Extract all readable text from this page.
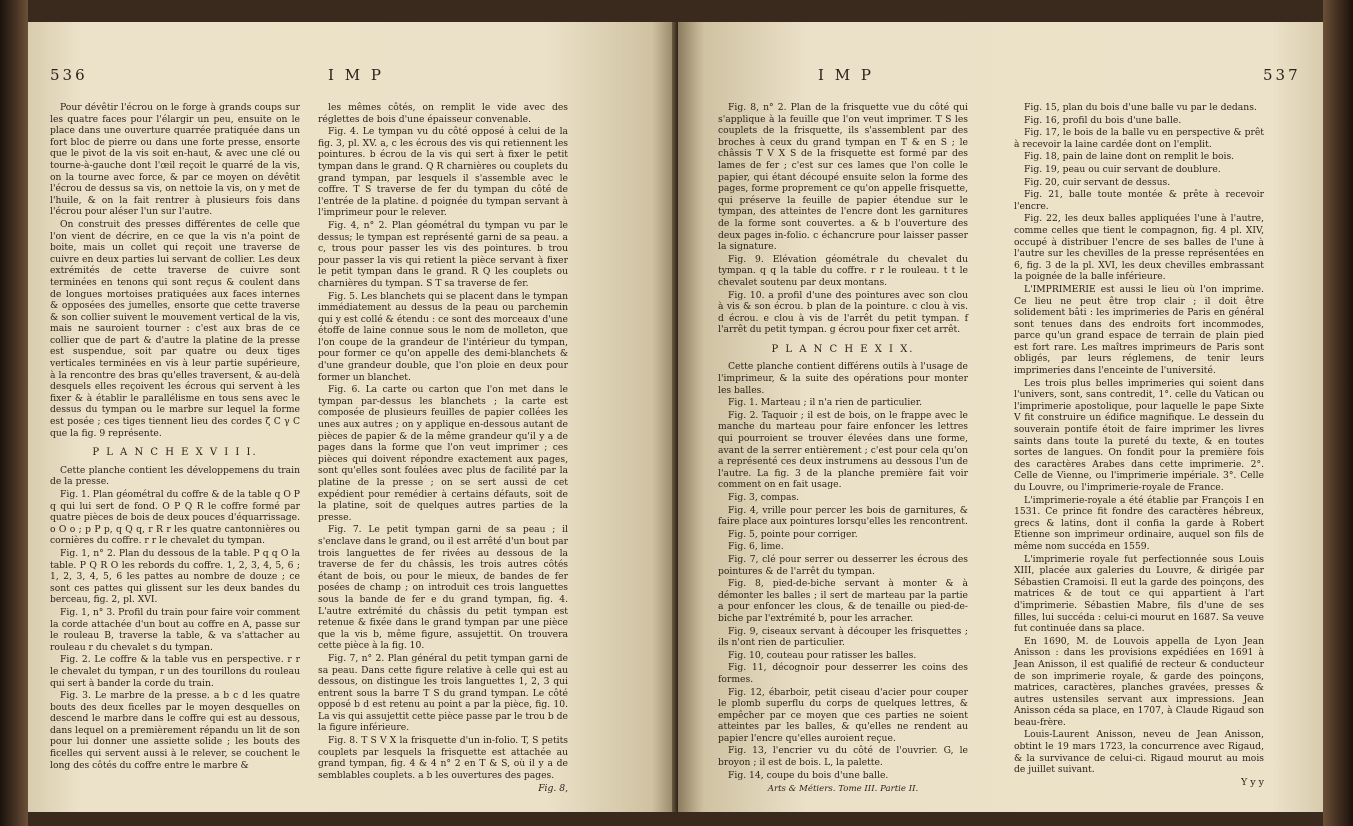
536	I M P

Pour dévêtir l'écrou on le forge à grands coups sur les quatre faces pour l'élargir un peu, ensuite on le place dans une ouverture quarrée pratiquée dans un fort bloc de pierre ou dans une forte presse, ensorte que le pivot de la vis soit en-haut, & avec une clé ou tourne-à-gauche dont l'œil reçoit le quarré de la vis, on la tourne avec force, & par ce moyen on dévêtit l'écrou de dessus sa vis, on nettoie la vis, on y met de l'huile, & on la fait rentrer à plusieurs fois dans l'écrou pour aléser l'un sur l'autre.

On construit des presses différentes de celle que l'on vient de décrire, en ce que la vis n'a point de boite, mais un collet qui reçoit une traverse de cuivre en deux parties lui servant de collier. Les deux extrémités de cette traverse de cuivre sont terminées en tenons qui sont reçus & coulent dans de longues mortoises pratiquées aux faces internes & opposées des jumelles, ensorte que cette traverse & son collier suivent le mouvement vertical de la vis, mais ne sauroient tourner : c'est aux bras de ce collier que de part & d'autre la platine de la presse est suspendue, soit par quatre ou deux tiges verticales terminées en vis à leur partie supérieure, à la rencontre des bras qu'elles traversent, & au-delà desquels elles reçoivent les écrous qui servent à les fixer & à établir le parallélisme en tous sens avec le dessus du tympan ou le marbre sur lequel la forme est posée ; ces tiges tiennent lieu des cordes ζ C γ C que la fig. 9 représente.

P L A N C H E X V I I I.

Cette planche contient les développemens du train de la presse.

Fig. 1. Plan géométral du coffre & de la table q O P q qui lui sert de fond. O P Q R le coffre formé par quatre pièces de bois de deux pouces d'équarrissage. o O o ; p P p, q Q q, r R r les quatre cantonnières ou cornières du coffre. r r le chevalet du tympan.

Fig. 1, n° 2. Plan du dessous de la table. P q q O la table. P Q R O les rebords du coffre. 1, 2, 3, 4, 5, 6 ; 1, 2, 3, 4, 5, 6 les pattes au nombre de douze ; ce sont ces pattes qui glissent sur les deux bandes du berceau, fig. 2, pl. XVI.

Fig. 1, n° 3. Profil du train pour faire voir comment la corde attachée d'un bout au coffre en A, passe sur le rouleau B, traverse la table, & va s'attacher au rouleau r du chevalet s du tympan.

Fig. 2. Le coffre & la table vus en perspective. r r le chevalet du tympan, r un des tourillons du rouleau qui sert à bander la corde du train.

Fig. 3. Le marbre de la presse. a b c d les quatre bouts des deux ficelles par le moyen desquelles on descend le marbre dans le coffre qui est au dessous, dans lequel on a premièrement répandu un lit de son pour lui donner une assiette solide ; les bouts des ficelles qui servent aussi à le relever, se couchent le long des côtés du coffre entre le marbre &

les mêmes côtés, on remplit le vide avec des réglettes de bois d'une épaisseur convenable.

Fig. 4. Le tympan vu du côté opposé à celui de la fig. 3, pl. XV. a, c les écrous des vis qui retiennent les pointures. b écrou de la vis qui sert à fixer le petit tympan dans le grand. Q R charnières ou couplets du grand tympan, par lesquels il s'assemble avec le coffre. T S traverse de fer du tympan du côté de l'entrée de la platine. d poignée du tympan servant à l'imprimeur pour le relever.

Fig. 4, n° 2. Plan géométral du tympan vu par le dessus; le tympan est représenté garni de sa peau. a c, trous pour passer les vis des pointures. b trou pour passer la vis qui retient la pièce servant à fixer le petit tympan dans le grand. R Q les couplets ou charnières du tympan. S T sa traverse de fer.

Fig. 5. Les blanchets qui se placent dans le tympan immédiatement au dessus de la peau ou parchemin qui y est collé & étendu : ce sont des morceaux d'une étoffe de laine connue sous le nom de molleton, que l'on coupe de la grandeur de l'intérieur du tympan, pour former ce qu'on appelle des demi-blanchets & d'une grandeur double, que l'on ploie en deux pour former un blanchet.

Fig. 6. La carte ou carton que l'on met dans le tympan par-dessus les blanchets ; la carte est composée de plusieurs feuilles de papier collées les unes aux autres ; on y applique en-dessous autant de pièces de papier & de la même grandeur qu'il y a de pages dans la forme que l'on veut imprimer ; ces pièces qui doivent répondre exactement aux pages, sont qu'elles sont foulées avec plus de facilité par la platine de la presse ; on se sert aussi de cet expédient pour remédier à certains défauts, soit de la platine, soit de quelques autres parties de la presse.

Fig. 7. Le petit tympan garni de sa peau ; il s'enclave dans le grand, ou il est arrêté d'un bout par trois languettes de fer rivées au dessous de la traverse de fer du châssis, les trois autres côtés étant de bois, ou pour le mieux, de bandes de fer posées de champ ; on introduit ces trois languettes sous la bande de fer e du grand tympan, fig. 4. L'autre extrémité du châssis du petit tympan est retenue & fixée dans le grand tympan par une pièce que la vis b, même figure, assujettit. On trouvera cette pièce à la fig. 10.

Fig. 7, n° 2. Plan général du petit tympan garni de sa peau. Dans cette figure relative à celle qui est au dessous, on distingue les trois languettes 1, 2, 3 qui entrent sous la barre T S du grand tympan. Le côté opposé b d est retenu au point a par la pièce, fig. 10. La vis qui assujettit cette pièce passe par le trou b de la figure inférieure.

Fig. 8. T S V X la frisquette d'un in-folio. T, S petits couplets par lesquels la frisquette est attachée au grand tympan, fig. 4 & 4 n° 2 en T & S, où il y a de semblables couplets. a b les ouvertures des pages.

Fig. 8,

I M P	537

Fig. 8, n° 2. Plan de la frisquette vue du côté qui s'applique à la feuille que l'on veut imprimer. T S les couplets de la frisquette, ils s'assemblent par des broches à ceux du grand tympan en T & en S ; le châssis T V X S de la frisquette est formé par des lames de fer ; c'est sur ces lames que l'on colle le papier, qui étant découpé ensuite selon la forme des pages, forme proprement ce qu'on appelle frisquette, qui préserve la feuille de papier étendue sur le tympan, des atteintes de l'encre dont les garnitures de la forme sont couvertes. a & b l'ouverture des deux pages in-folio. c échancrure pour laisser passer la signature.

Fig. 9. Elévation géométrale du chevalet du tympan. q q la table du coffre. r r le rouleau. t t le chevalet soutenu par deux montans.

Fig. 10. a profil d'une des pointures avec son clou à vis & son écrou. b plan de la pointure. c clou à vis. d écrou. e clou à vis de l'arrêt du petit tympan. f l'arrêt du petit tympan. g écrou pour fixer cet arrêt.

P L A N C H E X I X.

Cette planche contient différens outils à l'usage de l'imprimeur, & la suite des opérations pour monter les balles.

Fig. 1. Marteau ; il n'a rien de particulier.

Fig. 2. Taquoir ; il est de bois, on le frappe avec le manche du marteau pour faire enfoncer les lettres qui pourroient se trouver élevées dans une forme, avant de la serrer entièrement ; c'est pour cela qu'on a représenté ces deux instrumens au dessous l'un de l'autre. La fig. 3 de la planche première fait voir comment on en fait usage.

Fig. 3, compas.

Fig. 4, vrille pour percer les bois de garnitures, & faire place aux pointures lorsqu'elles les rencontrent.

Fig. 5, pointe pour corriger.

Fig. 6, lime.

Fig. 7, clé pour serrer ou desserrer les écrous des pointures & de l'arrêt du tympan.

Fig. 8, pied-de-biche servant à monter & à démonter les balles ; il sert de marteau par la partie a pour enfoncer les clous, & de tenaille ou pied-de-biche par l'extrémité b, pour les arracher.

Fig. 9, ciseaux servant à découper les frisquettes ; ils n'ont rien de particulier.

Fig. 10, couteau pour ratisser les balles.

Fig. 11, décognoir pour desserrer les coins des formes.

Fig. 12, ébarboir, petit ciseau d'acier pour couper le plomb superflu du corps de quelques lettres, & empêcher par ce moyen que ces parties ne soient atteintes par les balles, & qu'elles ne rendent au papier l'encre qu'elles auroient reçue.

Fig. 13, l'encrier vu du côté de l'ouvrier. G, le broyon ; il est de bois. L, la palette.

Fig. 14, coupe du bois d'une balle.

Arts & Métiers. Tome III. Partie II.

Fig. 15, plan du bois d'une balle vu par le dedans.

Fig. 16, profil du bois d'une balle.

Fig. 17, le bois de la balle vu en perspective & prêt à recevoir la laine cardée dont on l'emplit.

Fig. 18, pain de laine dont on remplit le bois.

Fig. 19, peau ou cuir servant de doublure.

Fig. 20, cuir servant de dessus.

Fig. 21, balle toute montée & prête à recevoir l'encre.

Fig. 22, les deux balles appliquées l'une à l'autre, comme celles que tient le compagnon, fig. 4 pl. XIV, occupé à distribuer l'encre de ses balles de l'une à l'autre sur les chevilles de la presse représentées en 6, fig. 3 de la pl. XVI, les deux chevilles embrassant la poignée de la balle inférieure.

L'IMPRIMERIE est aussi le lieu où l'on imprime. Ce lieu ne peut être trop clair ; il doit être solidement bâti : les imprimeries de Paris en général sont tenues dans des endroits fort incommodes, parce qu'un grand espace de terrain de plain pied est fort rare. Les maîtres imprimeurs de Paris sont obligés, par leurs réglemens, de tenir leurs imprimeries dans l'enceinte de l'université.

Les trois plus belles imprimeries qui soient dans l'univers, sont, sans contredit, 1°. celle du Vatican ou l'imprimerie apostolique, pour laquelle le pape Sixte V fit construire un édifice magnifique. Le dessein du souverain pontife étoit de faire imprimer les livres saints dans toute la pureté du texte, & en toutes sortes de langues. On fondit pour la première fois des caractères Arabes dans cette imprimerie. 2°. Celle de Vienne, ou l'imprimerie impériale. 3°. Celle du Louvre, ou l'imprimerie-royale de France.

L'imprimerie-royale a été établie par François I en 1531. Ce prince fit fondre des caractères hébreux, grecs & latins, dont il confia la garde à Robert Etienne son imprimeur ordinaire, auquel son fils de même nom succéda en 1559.

L'imprimerie royale fut perfectionnée sous Louis XIII, placée aux galeries du Louvre, & dirigée par Sébastien Cramoisi. Il eut la garde des poinçons, des matrices & de tout ce qui appartient à l'art d'imprimerie. Sébastien Mabre, fils d'une de ses filles, lui succéda : celui-ci mourut en 1687. Sa veuve fut continuée dans sa place.

En 1690, M. de Louvois appella de Lyon Jean Anisson : dans les provisions expédiées en 1691 à Jean Anisson, il est qualifié de recteur & conducteur de son imprimerie royale, & garde des poinçons, matrices, caractères, planches gravées, presses & autres ustensiles servant aux impressions. Jean Anisson céda sa place, en 1707, à Claude Rigaud son beau-frère.

Louis-Laurent Anisson, neveu de Jean Anisson, obtint le 19 mars 1723, la concurrence avec Rigaud, & la survivance de celui-ci. Rigaud mourut au mois de juillet suivant.

Y y y
